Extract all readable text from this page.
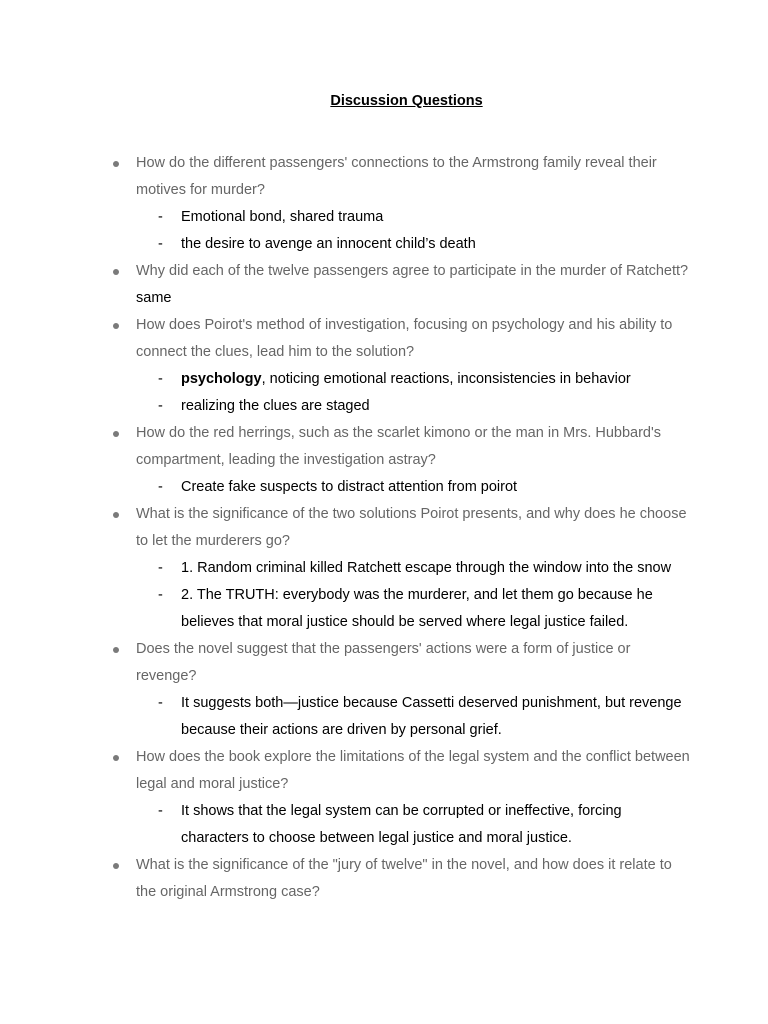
Discussion Questions
How do the different passengers' connections to the Armstrong family reveal their motives for murder?
- Emotional bond, shared trauma
- the desire to avenge an innocent child’s death
Why did each of the twelve passengers agree to participate in the murder of Ratchett? same
How does Poirot's method of investigation, focusing on psychology and his ability to connect the clues, lead him to the solution?
- psychology, noticing emotional reactions, inconsistencies in behavior
- realizing the clues are staged
How do the red herrings, such as the scarlet kimono or the man in Mrs. Hubbard's compartment, leading the investigation astray?
- Create fake suspects to distract attention from poirot
What is the significance of the two solutions Poirot presents, and why does he choose to let the murderers go?
- 1. Random criminal killed Ratchett escape through the window into the snow
- 2. The TRUTH: everybody was the murderer, and let them go because he believes that moral justice should be served where legal justice failed.
Does the novel suggest that the passengers' actions were a form of justice or revenge?
- It suggests both—justice because Cassetti deserved punishment, but revenge because their actions are driven by personal grief.
How does the book explore the limitations of the legal system and the conflict between legal and moral justice?
- It shows that the legal system can be corrupted or ineffective, forcing characters to choose between legal justice and moral justice.
What is the significance of the "jury of twelve" in the novel, and how does it relate to the original Armstrong case?
